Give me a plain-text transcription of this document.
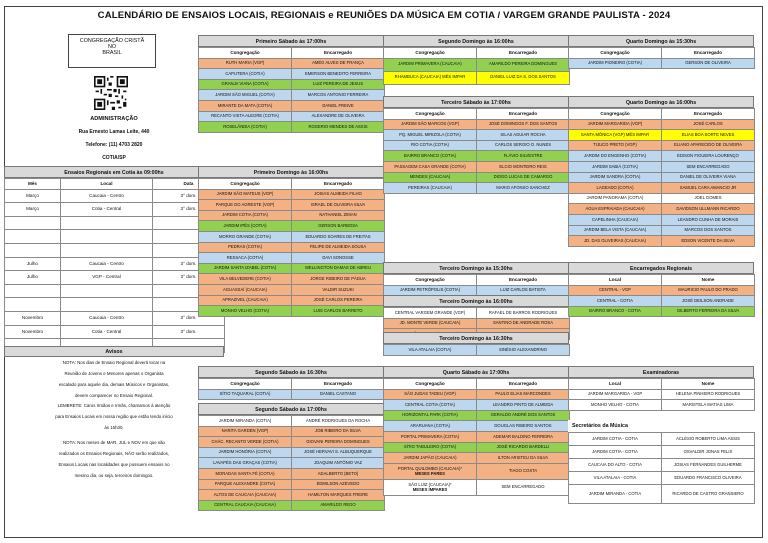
CALENDÁRIO DE ENSAIOS LOCAIS, REGIONAIS e REUNIÕES DA MÚSICA EM COTIA / VARGEM GRANDE PAULISTA - 2024
CONGREGAÇÃO CRISTÃ
NO
BRASIL
ADMINISTRAÇÃO
Rua Ernesto Lamas Leite, 440
Telefone: (11) 4703 2820
COTIA/SP
Ensaios Regionais em Cotia às 09:00hs
Mês	Local	Data
Março	Caucaia - Centro	3° dom.
Março	Cotia - Central	3° dom.

Julho	Caucaia - Centro	3° dom.
Julho	VGP - Central	3° dom.

Novembro	Caucaia - Centro	3° dom.
Novembro	Cotia - Central	3° dom.

Avisos
NOTA: Nos dias de Ensaio Regional deverá tocar na
Reunião de Jovens e Menores apenas o Organista
escalado para aquele dia, demais Músicos e Organistas,
devem comparecer no Ensaio Regional.
LEMBRETE: Caros Irmãos e Irmãs, chamamos à atenção
para Ensaios Locais em nossa região que estão tendo início
às 15h30.
NOTA: Nos meses de MAR, JUL e NOV em que são
realizados os Ensaios Regionais, NÃO serão realizados,
Ensaios Locais nas localidades que possuem ensaios no
mesmo dia, ou seja, terceiros domingos.
Primeiro Sábado às 17:00hs
Congregação	Encarregado
RUTH MARIA (VGP)	AMÉG ALVES DE FRANÇA
CAPUTERA (COTIA)	EMERSON BENEDITO FERREIRA
GRANJA VIANA (COTIA)	LUIZ PEREIRA DE JESUS
JARDIM SÃO MIGUEL (COTIA)	MARCOS ANTONIO FERREIRA
MIRANTE DA MATA (COTIA)	DANIEL FREIVE
RECANTO VISTA ALEGRE (COTIA)	ALEXANDRE DE OLIVEIRA
ROSELÂNDIA (COTIA)	ROGERIO MENDES DE ASSIS
Primeiro Domingo às 16:00hs
Congregação	Encarregado
JARDIM SÃO MATEUS (VGP)	JOSIAS ALMEIDA FILHO
PARQUE DO AGRESTE (VGP)	ISRAEL DE OLIVEIRA SILVA
JARDIM COTIA (COTIA)	NATHANIEL ZIMAN
JARDIM IPÊS (COTIA)	GERSON BARBOSA
MORRO GRANDE (COTIA)	EDUARDO SOARES DE FREITAS
PEDRAS (COTIA)	FELIPE DE ALMEIDA SOUSA
RESSACA (COTIA)	DAVI SONOSSE
JARDIM SANTA IZABEL (COTIA)	WELLINGTON DAMAS DE ABREU
VILA BELVEDERE (COTIA)	JORGE RIBEIRO DE PÁDUA
AGUASSAÍ (CAUCAIA)	VALDIR SUZUKI
APRAZIVEL (CAUCAIA)	JOSÉ CARLOS PEREIRA
MONHO VELHO (COTIA)	LUIS CARLOS BARRETO
Segundo Sábado às 16:30hs
Congregação	Encarregado
SÍTIO TAQUARAL (COTIA)	DANIEL CASTANO
Segundo Sábado às 17:00hs
JARDIM MIRANDA (COTIA)	ANDRÉ RODRIGUES DA ROCHA
NARITA GARDEN (VGP)	JOB RIBEIRO DA SILVA
CHÁC. RECANTO VERDE (COTIA)	GIOVANI PEREIRA DOMINGUES
JARDIM HONÓRIA (COTIA)	JOSÉ HERVAVI S. ALBUQUERQUE
LAVAPÉS DAS GRAÇAS (COTIA)	JOAQUIM ANTÔNIO VAZ
MORADAS SANTA FÉ (COTIA)	ADALBERTO (BETO)
PARQUE ALEXANDRE (COTIA)	EDMILSON AZEVEDO
ALTOS DE CAUCAIA (CAUCAIA)	HAMILTON MARQUES FREIRE
CENTRAL CAUCAIA (CAUCAIA)	AMARILDO REGO
Segundo Domingo às 16:00hs
Congregação	Encarregado
JARDIM PRIMAVERA (CAUCAIA)	AMARILDO PEREIRA DOMINGUES
RHAMBUCA (CAUCAIA) MÊS IMPAR	DANIEL LUIZ DA S. DOS SANTOS
Terceiro Sábado às 17:00hs
Congregação	Encarregado
JARDIM SÃO MARCOS (VGP)	JOSÉ DOMINGOS F. DOS SANTOS
PQ. MIGUEL MIRIZOLA (COTIA)	SILAS AGUIAR ROCHA
RIO COTIA (COTIA)	CARLOS SERGIO O. NUNES
BAIRRO BRANCO (COTIA)	FLÁVIO SILVESTRE
PASSAGEM CASA GRANDE (COTIA)	ELCIO MONTEIRO REIS
MENDES (CAUCAIA)	DIOGO LUCAS DE CAMARGO
PEREIRAS (CAUCAIA)	MARIO AFONSO SANCHEZ
Terceiro Domingo às 15:30hs
Congregação	Encarregado
JARDIM PETRÓPOLIS (COTIA)	LUIZ CARLOS BATISTA
Terceiro Domingo às 16:00hs
CENTRAL VARGEM GRANDE (VGP)	RAFAEL DE BARROS RODRIGUES
JD. MONTE VERDE (CAUCAIA)	SANTINO DE ANDRADE ROSA

Terceiro Domingo às 16:30hs
VILA ATALAIA (COTIA)	SINÉSIO ALEXANDRINO
Quarto Sábado às 17:00hs
Congregação	Encarregado
SÃO JUDAS TADEU (VGP)	PAULO ELIAS MARCONDES
CENTRAL COTIA (COTIA)	LEANDRO PINTO DE ALMEIDA
HORIZONTAL PARK (COTIA)	GERALDO ANDRÉ DOS SANTOS
ARARUANA (COTIA)	DOUGLAS RIBEIRO SANTOS
PORTAL PRIMAVERA (COTIA)	ADEMAR BALDINO FERREIRA
SÍTIO TABULEIRO (COTIA)	JOSÉ RICARDO BARDELLI
JARDIM JAPÃO (CAUCAIA)	ILTON ARISTEU DA SILVA

PORTAL QUILOMBO (CAUCAIA)*
MESES PARES	TIAGO COSTA

SÃO LUIZ (CAUCAIA)*
MESES ÍMPARES	SEM ENCARREGADO
Quarto Domingo às 15:30hs
Congregação	Encarregado
JARDIM PIONEIRO (COTIA)	GERSON DE OLIVEIRA
Quarto Domingo às 16:00hs
Congregação	Encarregado
JARDIM MARGARIDA (VGP)	JOSÉ CARLOS
SANTA MÔNICA (VGP) MÊS IMPAR	ELIAS BOA SORTE NEVES
TIJUCO PRETO (VGP)	ELIANO APARECIDO DE OLIVEIRA
JARDIM DO ENGENHO (COTIA)	EDISON FIGUEIRA LOURENÇO
JARDIM SABIÁ (COTIA)	SEM ENCARREGADO
JARDIM SANDRA (COTIA)	DANIEL DE OLIVEIRA VIANA
LAGEADO (COTIA)	SAMUEL CARA AMANCIO JR
JARDIM PANORAMA (COTIA)	JOEL GOMES
ÁGUA ESPRAIADA (CAUCAIA)	DAVIDSON ULLMANN RICARDO
CAPELINHA (CAUCAIA)	LEANDRO CUNHA DE MORAIS
JARDIM BELA VISTA (CAUCAIA)	MARCOS DOS SANTOS
JD. DAS OLIVEIRAS (CAUCAIA)	EDSON VICENTE DA SILVA
Encarregados Regionais
Local	Nome
CENTRAL - VGP	MAURICIO PAULO DO PRADO
CENTRAL - COTIA	JOSÉ DEILSON ANDRADE
BAIRRO BRANCO - COTIA	GILBERTO FERREIRA DA SILVA
Examinadoras
Local	Nome
JARDIM MARGARIDA - VGP	HELENA PINHEIRO RODRIGUES
MONHO VELHO - COTIA	MARISTELA MATIAS LIMA
Secretários da Música
JARDIM COTIA - COTIA	ACLÉSIO ROBERTO LIMA ASSIS
JARDIM COTIA - COTIA	OSVALDIR JONAS FELIX
CAUCAIA DO ALTO - COTIA	JOSIAS FERNANDES GUILHERME
VILA ATALAIA - COTIA	EDUARDO FRANCISCO OLIVEIRA
JARDIM MIRANDA - COTIA	RICARDO DE CASTRO GRANSIERO
